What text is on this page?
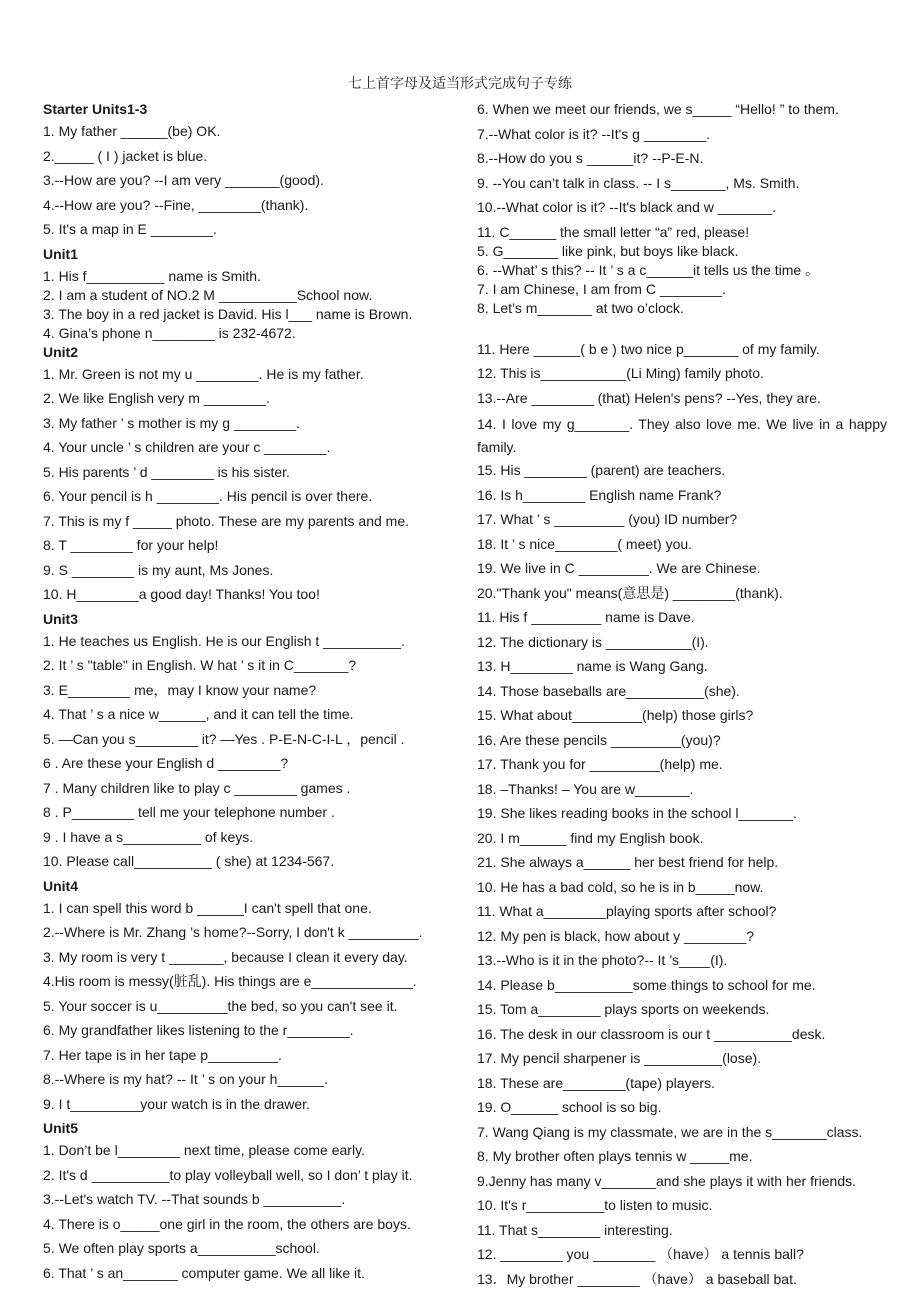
七上首字母及适当形式完成句子专练
Starter Units1-3
1. My father ______(be) OK.
2._____ ( I ) jacket is blue.
3.--How are you? --I am very _______(good).
4.--How are you? --Fine, ________(thank).
5. It's a map in E ________.
Unit1
1. His f__________ name is Smith.
2. I am a student of NO.2 M __________School now.
3. The boy in a red jacket is David. His l___ name is Brown.
4. Gina’s phone n________ is 232-4672.
Unit2
1. Mr. Green is not my u ________. He is my father.
2. We like English very m ________.
3. My father ’ s mother is my g ________.
4. Your uncle ’ s children are your c ________.
5. His parents ’ d ________ is his sister.
6. Your pencil is h ________. His pencil is over there.
7. This is my f _____ photo. These are my parents and me.
8. T ________ for your help!
9. S ________ is my aunt, Ms Jones.
10. H________a good day! Thanks! You too!
Unit3
1. He teaches us English. He is our English t __________.
2. It ’ s "table" in English. W hat ’ s it in C_______?
3. E________ me，may I know your name?
4. That ’ s a nice w______, and it can tell the time.
5. —Can you s________ it? —Yes . P-E-N-C-I-L ，pencil .
6 . Are these your English d ________?
7 . Many children like to play c ________ games .
8 . P________ tell me your telephone number .
9 . I have a s__________ of keys.
10. Please call__________ ( she) at 1234-567.
Unit4
1. I can spell this word b ______I can't spell that one.
2.--Where is Mr. Zhang ’s home?--Sorry, I don't k _________.
3. My room is very t _______, because I clean it every day.
4.His room is messy(脏乱). His things are e_____________.
5. Your soccer is u_________the bed, so you can't see it.
6. My grandfather likes listening to the r________.
7. Her tape is in her tape p_________.
8.--Where is my hat? -- It ’ s on your h______.
9. I t_________your watch is in the drawer.
Unit5
1. Don’t be l________ next time, please come early.
2. It's d __________to play volleyball well, so I don’ t play it.
3.--Let's watch TV. --That sounds b __________.
4. There is o_____one girl in the room, the others are boys.
5. We often play sports a__________school.
6. That ’ s an_______ computer game. We all like it.
6. When we meet our friends, we s_____ “Hello! ” to them.
7.--What color is it? --It's g ________.
8.--How do you s ______it? --P-E-N.
9. --You can’t talk in class. -- I s_______, Ms. Smith.
10.--What color is it? --It's black and w _______.
11. C______ the small letter “a” red, please!
5. G_______ like pink, but boys like black.
6. --What’ s this? -- It ’ s a c______it tells us the time 。
7. I am Chinese, I am from C ________.
8. Let’s m_______ at two o’clock.
11. Here ______( b e ) two nice p_______ of my family.
12. This is___________(Li Ming) family photo.
13.--Are ________ (that) Helen's pens? --Yes, they are.
14. I love my g_______. They also love me. We live in a happy family.
15. His ________ (parent) are teachers.
16. Is h________ English name Frank?
17. What ’ s _________ (you) ID number?
18. It ’ s nice________( meet) you.
19. We live in C _________. We are Chinese.
20."Thank you" means(意思是) ________(thank).
11. His f _________ name is Dave.
12. The dictionary is ___________(I).
13. H________ name is Wang Gang.
14. Those baseballs are__________(she).
15. What about_________(help) those girls?
16. Are these pencils _________(you)?
17. Thank you for _________(help) me.
18. –Thanks! – You are w_______.
19. She likes reading books in the school l_______.
20. I m______ find my English book.
21. She always a______ her best friend for help.
10. He has a bad cold, so he is in b_____now.
11. What a________playing sports after school?
12. My pen is black, how about y ________?
13.--Who is it in the photo?-- It ’s____(I).
14. Please b__________some things to school for me.
15. Tom a________ plays sports on weekends.
16. The desk in our classroom is our t __________desk.
17. My pencil sharpener is __________(lose).
18. These are________(tape) players.
19. O______ school is so big.
7. Wang Qiang is my classmate, we are in the s_______class.
8. My brother often plays tennis w _____me.
9.Jenny has many v_______and she plays it with her friends.
10. It's r__________to listen to music.
11. That s________ interesting.
12. ________ you ________ （have） a tennis ball?
13．My brother ________ （have） a baseball bat.
